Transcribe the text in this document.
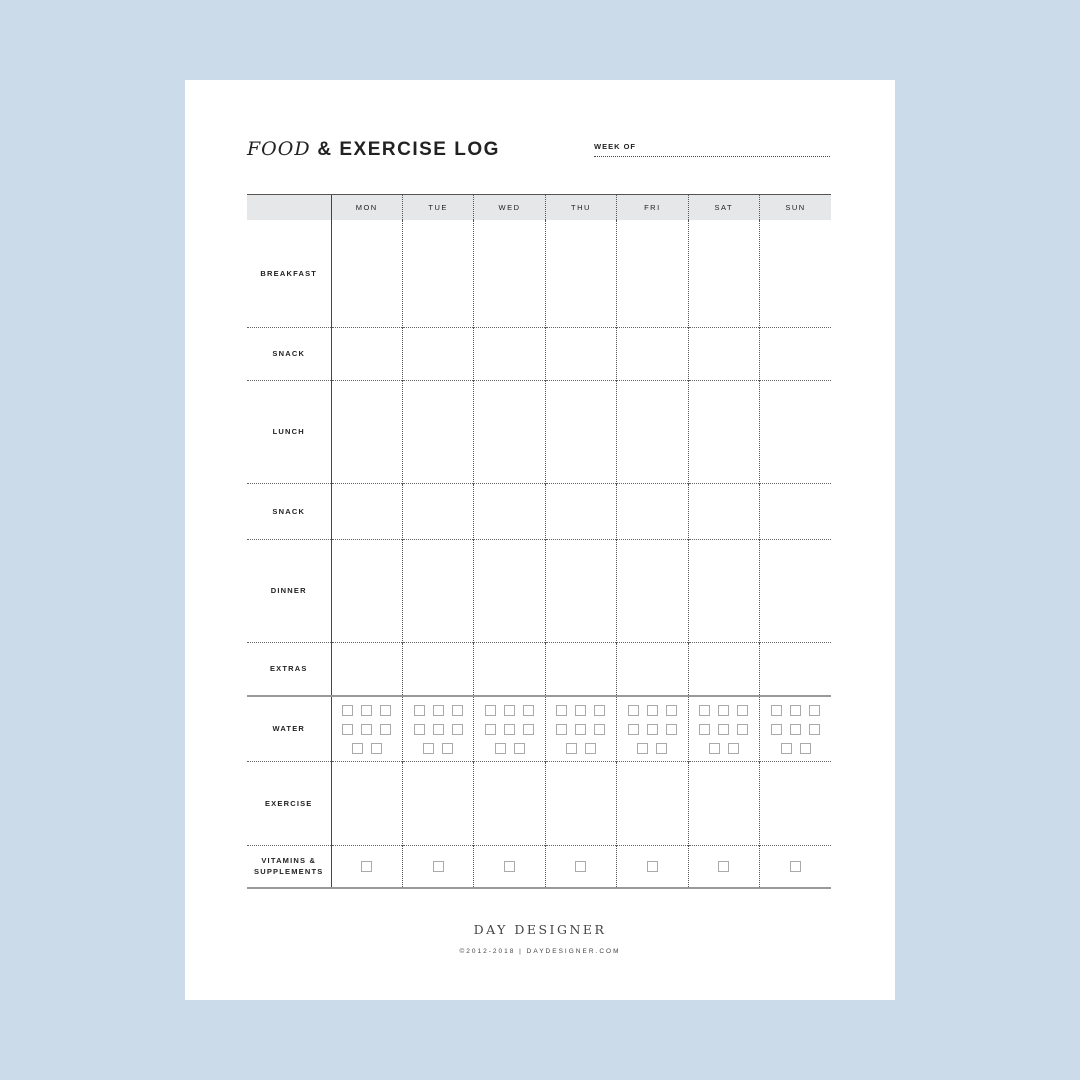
FOOD & EXERCISE LOG	WEEK OF
	MON	TUE	WED	THU	FRI	SAT	SUN
BREAKFAST							
SNACK							
LUNCH							
SNACK							
DINNER							
EXTRAS							
WATER	

EXERCISE							
VITAMINS &
SUPPLEMENTS	

DAY DESIGNER
©2012-2018 | DAYDESIGNER.COM
